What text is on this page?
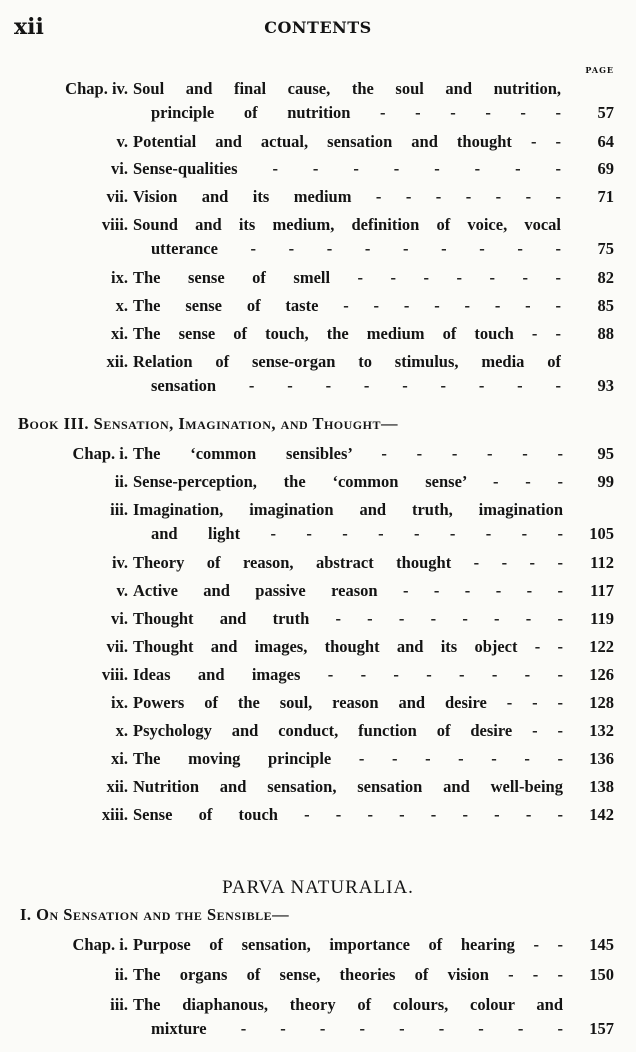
xii	CONTENTS
PAGE
Chap. iv. Soul and final cause, the soul and nutrition,
principle of nutrition - - - - - - 57
v. Potential and actual, sensation and thought - - 64
vi. Sense-qualities - - - - - - - - 69
vii. Vision and its medium - - - - - - - 71
viii. Sound and its medium, definition of voice, vocal
utterance - - - - - - - - - 75
ix. The sense of smell - - - - - - - 82
x. The sense of taste - - - - - - - - 85
xi. The sense of touch, the medium of touch - - 88
xii. Relation of sense-organ to stimulus, media of
sensation - - - - - - - - - 93
Book III. Sensation, Imagination, and Thought—
Chap. i. The ‘common sensibles’ - - - - - - 95
ii. Sense-perception, the ‘common sense’ - - - 99
iii. Imagination, imagination and truth, imagination
and light - - - - - - - - - 105
iv. Theory of reason, abstract thought - - - - 112
v. Active and passive reason - - - - - - 117
vi. Thought and truth - - - - - - - - 119
vii. Thought and images, thought and its object - - 122
viii. Ideas and images - - - - - - - - 126
ix. Powers of the soul, reason and desire - - - 128
x. Psychology and conduct, function of desire - - 132
xi. The moving principle - - - - - - - 136
xii. Nutrition and sensation, sensation and well-being 138
xiii. Sense of touch - - - - - - - - - 142
PARVA NATURALIA.
I. On Sensation and the Sensible—
Chap. i. Purpose of sensation, importance of hearing - - 145
ii. The organs of sense, theories of vision - - - 150
iii. The diaphanous, theory of colours, colour and
mixture - - - - - - - - - 157
